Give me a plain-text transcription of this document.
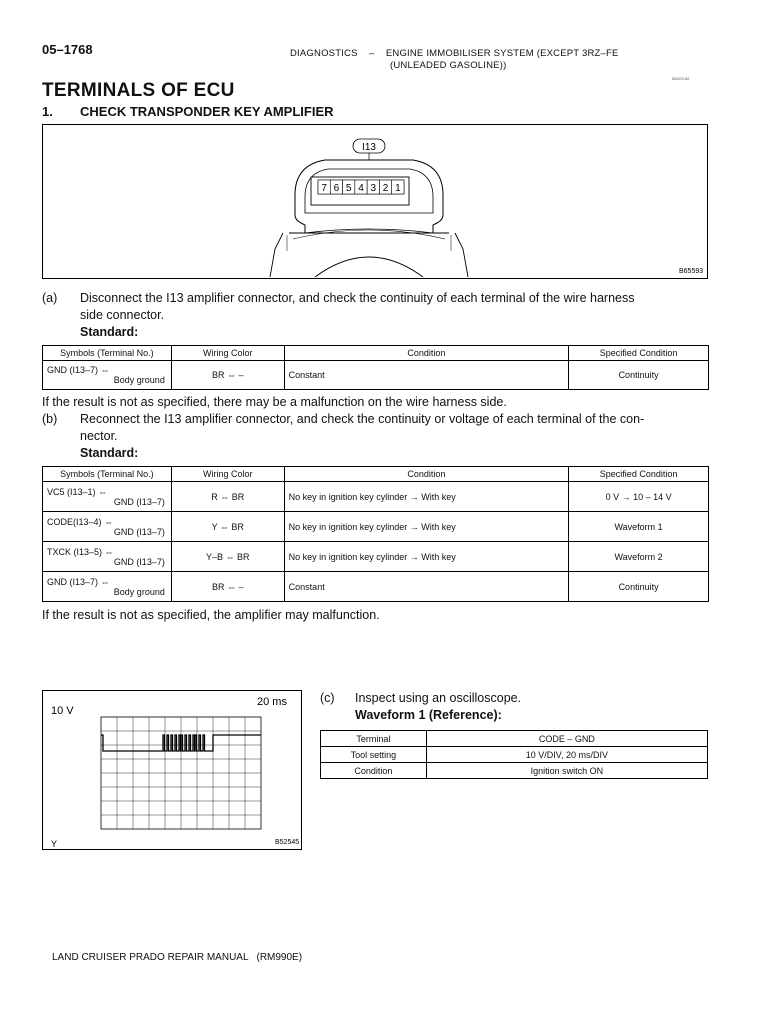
05–1768	DIAGNOSTICS    –    ENGINE IMMOBILISER SYSTEM (EXCEPT 3RZ–FE
(UNLEADED GASOLINE))
05JC9-02
TERMINALS OF ECU
1. CHECK TRANSPONDER KEY AMPLIFIER
I13
7 6 5 4 3 2 1
B65593
(a) Disconnect the I13 amplifier connector, and check the continuity of each terminal of the wire harness
side connector.
Standard:
Symbols (Terminal No.)	Wiring Color	Condition	Specified Condition

GND (I13–7) ⇔
Body ground	BR ⇔ –	Constant	Continuity
If the result is not as specified, there may be a malfunction on the wire harness side.
(b) Reconnect the I13 amplifier connector, and check the continuity or voltage of each terminal of the con-
nector.
Standard:
Symbols (Terminal No.)	Wiring Color	Condition	Specified Condition

VC5 (I13–1) ⇔
GND (I13–7)	R ⇔ BR	No key in ignition key cylinder → With key	0 V → 10 – 14 V

CODE(I13–4) ⇔
GND (I13–7)	Y ⇔ BR	No key in ignition key cylinder → With key	Waveform 1

TXCK (I13–5) ⇔
GND (I13–7)	Y–B ⇔ BR	No key in ignition key cylinder → With key	Waveform 2

GND (I13–7) ⇔
Body ground	BR ⇔ –	Constant	Continuity
If the result is not as specified, the amplifier may malfunction.
10 V
20 ms
Y	B52545
(c) Inspect using an oscilloscope.
Waveform 1 (Reference):
Terminal	CODE – GND
Tool setting	10 V/DIV, 20 ms/DIV
Condition	Ignition switch ON
LAND CRUISER PRADO REPAIR MANUAL   (RM990E)
